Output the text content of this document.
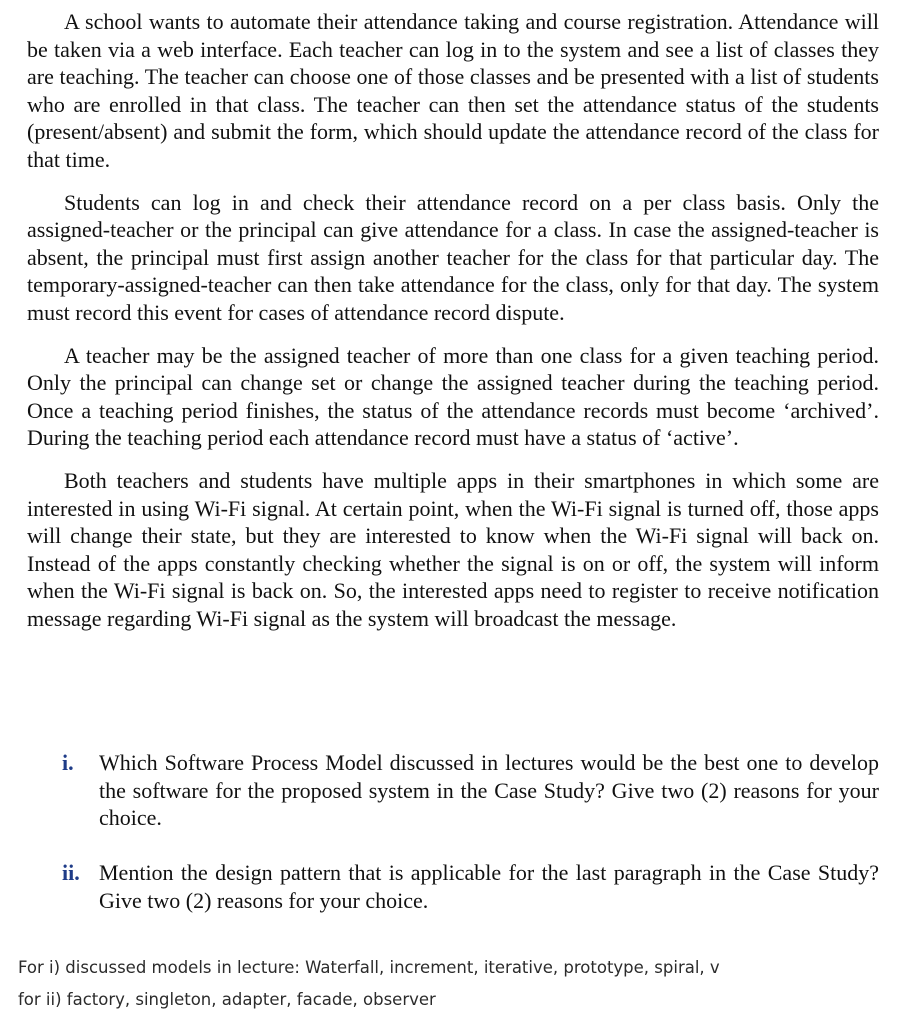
A school wants to automate their attendance taking and course registration. Attendance will be taken via a web interface. Each teacher can log in to the system and see a list of classes they are teaching. The teacher can choose one of those classes and be presented with a list of students who are enrolled in that class. The teacher can then set the attendance status of the students (present/absent) and submit the form, which should update the attendance record of the class for that time.

Students can log in and check their attendance record on a per class basis. Only the assigned-teacher or the principal can give attendance for a class. In case the assigned-teacher is absent, the principal must first assign another teacher for the class for that particular day. The temporary-assigned-teacher can then take attendance for the class, only for that day. The system must record this event for cases of attendance record dispute.

A teacher may be the assigned teacher of more than one class for a given teaching period. Only the principal can change set or change the assigned teacher during the teaching period. Once a teaching period finishes, the status of the attendance records must become ‘archived’. During the teaching period each attendance record must have a status of ‘active’.

Both teachers and students have multiple apps in their smartphones in which some are interested in using Wi-Fi signal. At certain point, when the Wi-Fi signal is turned off, those apps will change their state, but they are interested to know when the Wi-Fi signal will back on. Instead of the apps constantly checking whether the signal is on or off, the system will inform when the Wi-Fi signal is back on. So, the interested apps need to register to receive notification message regarding Wi-Fi signal as the system will broadcast the message.

i.	Which Software Process Model discussed in lectures would be the best one to develop the software for the proposed system in the Case Study? Give two (2) reasons for your choice.
ii. Mention the design pattern that is applicable for the last paragraph in the Case Study? Give two (2) reasons for your choice.
For i) discussed models in lecture: Waterfall, increment, iterative, prototype, spiral, v
for ii) factory, singleton, adapter, facade, observer
